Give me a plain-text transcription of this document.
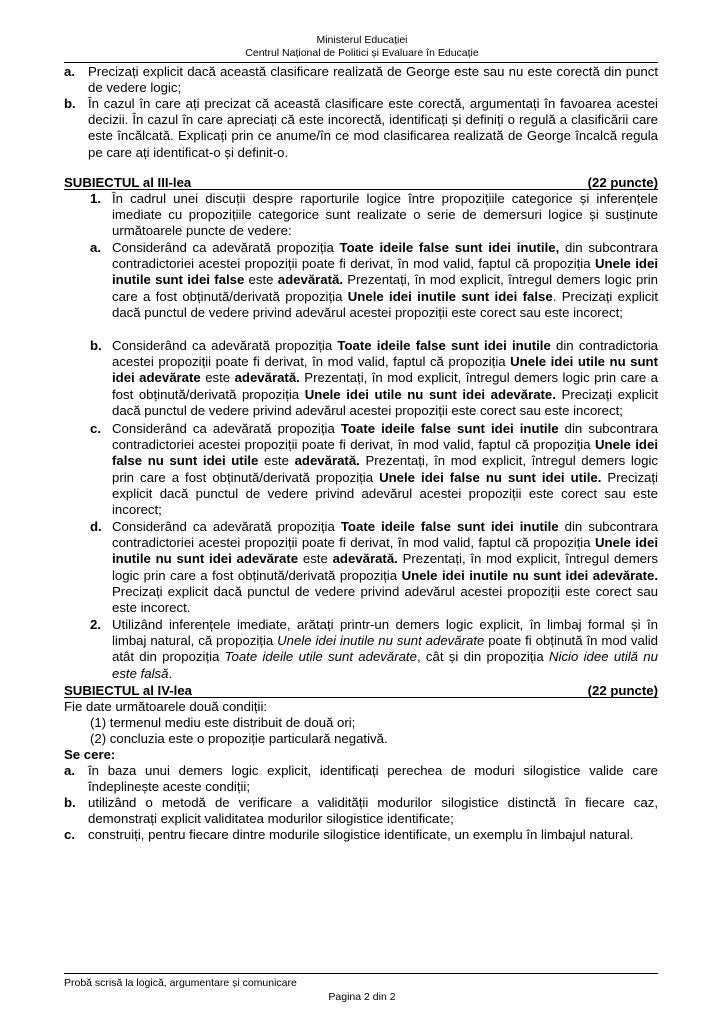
Ministerul Educației
Centrul Național de Politici și Evaluare în Educație
a. Precizați explicit dacă această clasificare realizată de George este sau nu este corectă din punct de vedere logic;
b. În cazul în care ați precizat că această clasificare este corectă, argumentați în favoarea acestei decizii. În cazul în care apreciați că este incorectă, identificați și definiți o regulă a clasificării care este încălcată. Explicați prin ce anume/în ce mod clasificarea realizată de George încalcă regula pe care ați identificat-o și definit-o.
SUBIECTUL al III-lea	(22 puncte)
1. În cadrul unei discuții despre raporturile logice între propozițiile categorice și inferențele imediate cu propozițiile categorice sunt realizate o serie de demersuri logice și susținute următoarele puncte de vedere:
a. Considerând ca adevărată propoziția Toate ideile false sunt idei inutile, din subcontrara contradictoriei acestei propoziții poate fi derivat, în mod valid, faptul că propoziția Unele idei inutile sunt idei false este adevărată. Prezentați, în mod explicit, întregul demers logic prin care a fost obținută/derivată propoziția Unele idei inutile sunt idei false. Precizați explicit dacă punctul de vedere privind adevărul acestei propoziții este corect sau este incorect;
b. Considerând ca adevărată propoziția Toate ideile false sunt idei inutile din contradictoria acestei propoziții poate fi derivat, în mod valid, faptul că propoziția Unele idei utile nu sunt idei adevărate este adevărată. Prezentați, în mod explicit, întregul demers logic prin care a fost obținută/derivată propoziția Unele idei utile nu sunt idei adevărate. Precizați explicit dacă punctul de vedere privind adevărul acestei propoziții este corect sau este incorect;
c. Considerând ca adevărată propoziția Toate ideile false sunt idei inutile din subcontrara contradictoriei acestei propoziții poate fi derivat, în mod valid, faptul că propoziția Unele idei false nu sunt idei utile este adevărată. Prezentați, în mod explicit, întregul demers logic prin care a fost obținută/derivată propoziția Unele idei false nu sunt idei utile. Precizați explicit dacă punctul de vedere privind adevărul acestei propoziții este corect sau este incorect;
d. Considerând ca adevărată propoziția Toate ideile false sunt idei inutile din subcontrara contradictoriei acestei propoziții poate fi derivat, în mod valid, faptul că propoziția Unele idei inutile nu sunt idei adevărate este adevărată. Prezentați, în mod explicit, întregul demers logic prin care a fost obținută/derivată propoziția Unele idei inutile nu sunt idei adevărate. Precizați explicit dacă punctul de vedere privind adevărul acestei propoziții este corect sau este incorect.
2. Utilizând inferențele imediate, arătați printr-un demers logic explicit, în limbaj formal și în limbaj natural, că propoziția Unele idei inutile nu sunt adevărate poate fi obținută în mod valid atât din propoziția Toate ideile utile sunt adevărate, cât și din propoziția Nicio idee utilă nu este falsă.
SUBIECTUL al IV-lea	(22 puncte)
Fie date următoarele două condiții:
(1) termenul mediu este distribuit de două ori;
(2) concluzia este o propoziție particulară negativă.
Se cere:
a. în baza unui demers logic explicit, identificați perechea de moduri silogistice valide care îndeplinește aceste condiții;
b. utilizând o metodă de verificare a validității modurilor silogistice distinctă în fiecare caz, demonstrați explicit validitatea modurilor silogistice identificate;
c. construiți, pentru fiecare dintre modurile silogistice identificate, un exemplu în limbajul natural.
Probă scrisă la logică, argumentare și comunicare
Pagina 2 din 2
